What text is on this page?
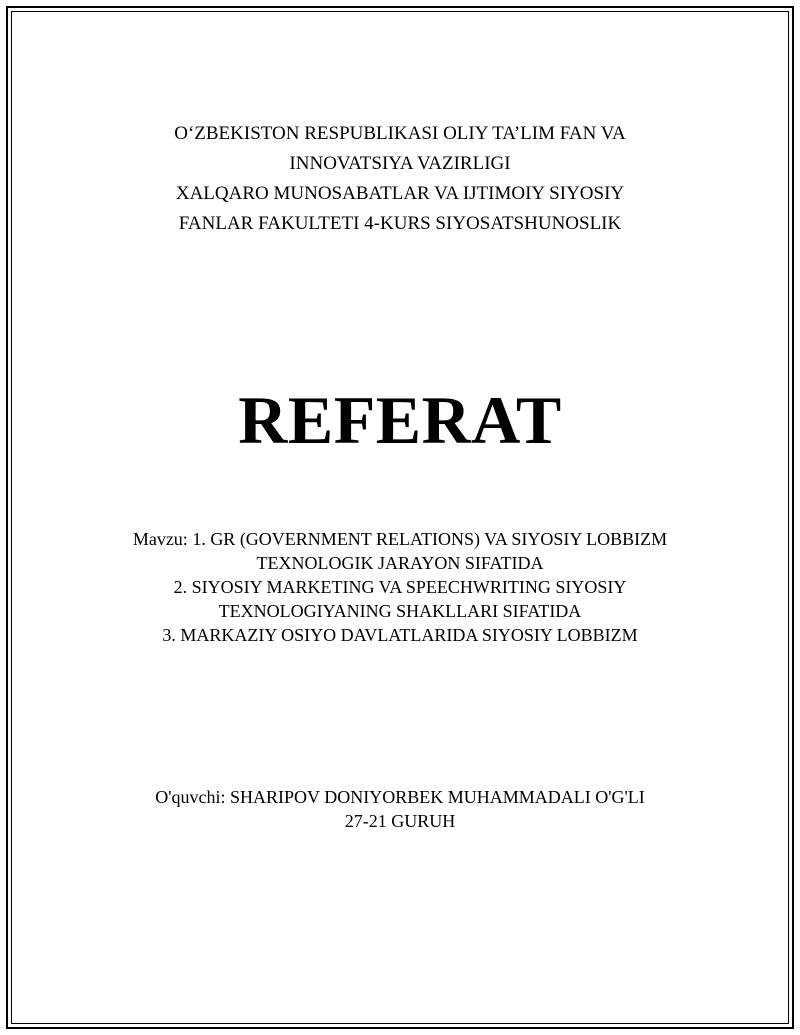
O‘ZBEKISTON RESPUBLIKASI OLIY TA’LIM FAN VA
INNOVATSIYA VAZIRLIGI
XALQARO MUNOSABATLAR VA IJTIMOIY SIYOSIY
FANLAR FAKULTETI 4-KURS SIYOSATSHUNOSLIK
REFERAT
Mavzu: 1. GR (GOVERNMENT RELATIONS) VA SIYOSIY LOBBIZM
TEXNOLOGIK JARAYON SIFATIDA
2. SIYOSIY MARKETING VA SPEECHWRITING SIYOSIY
TEXNOLOGIYANING SHAKLLARI SIFATIDA
3. MARKAZIY OSIYO DAVLATLARIDA SIYOSIY LOBBIZM
O'quvchi: SHARIPOV DONIYORBEK MUHAMMADALI O'G'LI
27-21 GURUH
